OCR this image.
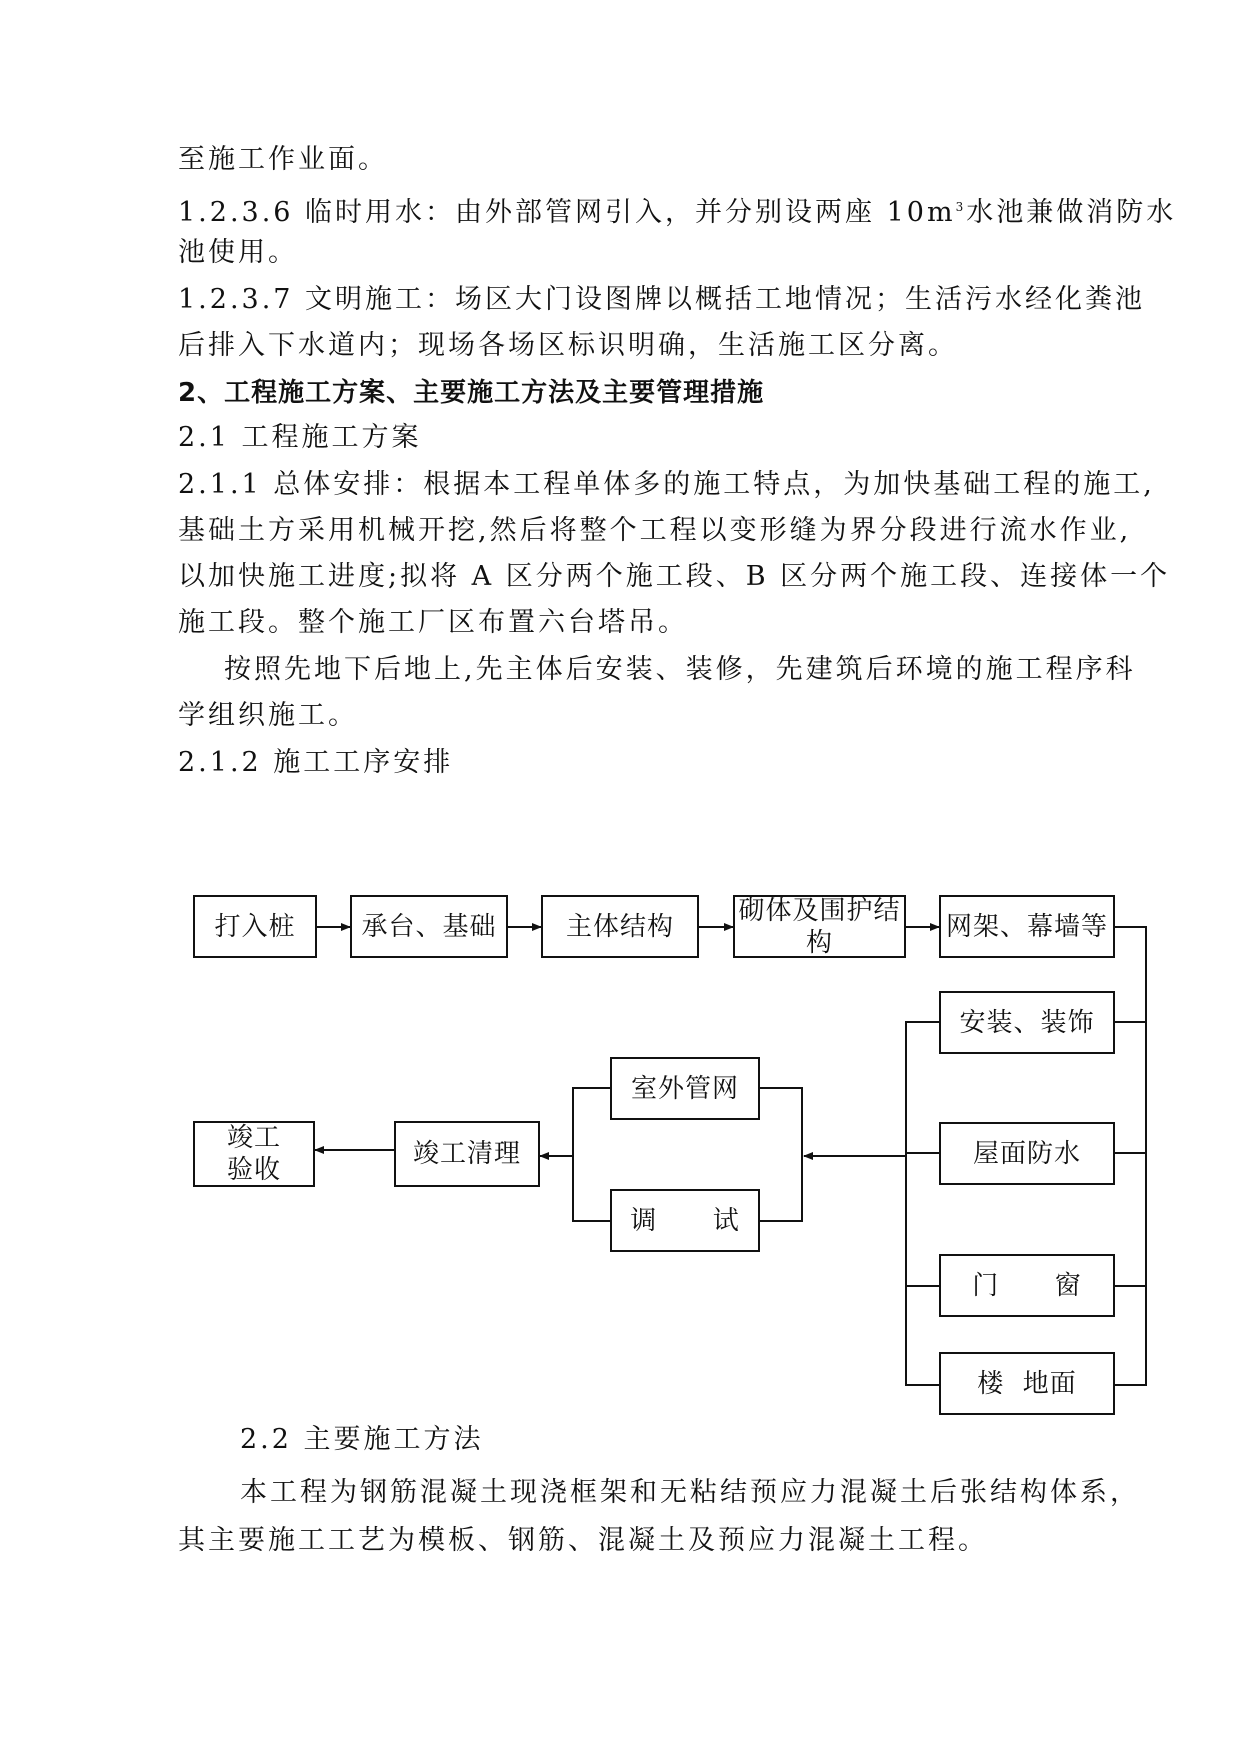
至施工作业面。
1.2.3.6 临时用水：由外部管网引入，并分别设两座 $10m^3$水池兼做消防水
池使用。
1.2.3.7 文明施工：场区大门设图牌以概括工地情况；生活污水经化粪池
后排入下水道内；现场各场区标识明确，生活施工区分离。
2、工程施工方案、主要施工方法及主要管理措施
2.1 工程施工方案
2.1.1 总体安排：根据本工程单体多的施工特点，为加快基础工程的施工,
基础土方采用机械开挖,然后将整个工程以变形缝为界分段进行流水作业,
以加快施工进度;拟将 A 区分两个施工段、B 区分两个施工段、连接体一个
施工段。整个施工厂区布置六台塔吊。
按照先地下后地上,先主体后安装、装修，先建筑后环境的施工程序科
学组织施工。
2.1.2 施工工序安排
打入桩	承台、基础	主体结构
砌体及围护结构
网架、幕墙等
安装、装饰
屋面防水
门      窗
楼  地面
室外管网
调      试
竣工清理
竣工验收
2.2 主要施工方法
本工程为钢筋混凝土现浇框架和无粘结预应力混凝土后张结构体系，
其主要施工工艺为模板、钢筋、混凝土及预应力混凝土工程。
